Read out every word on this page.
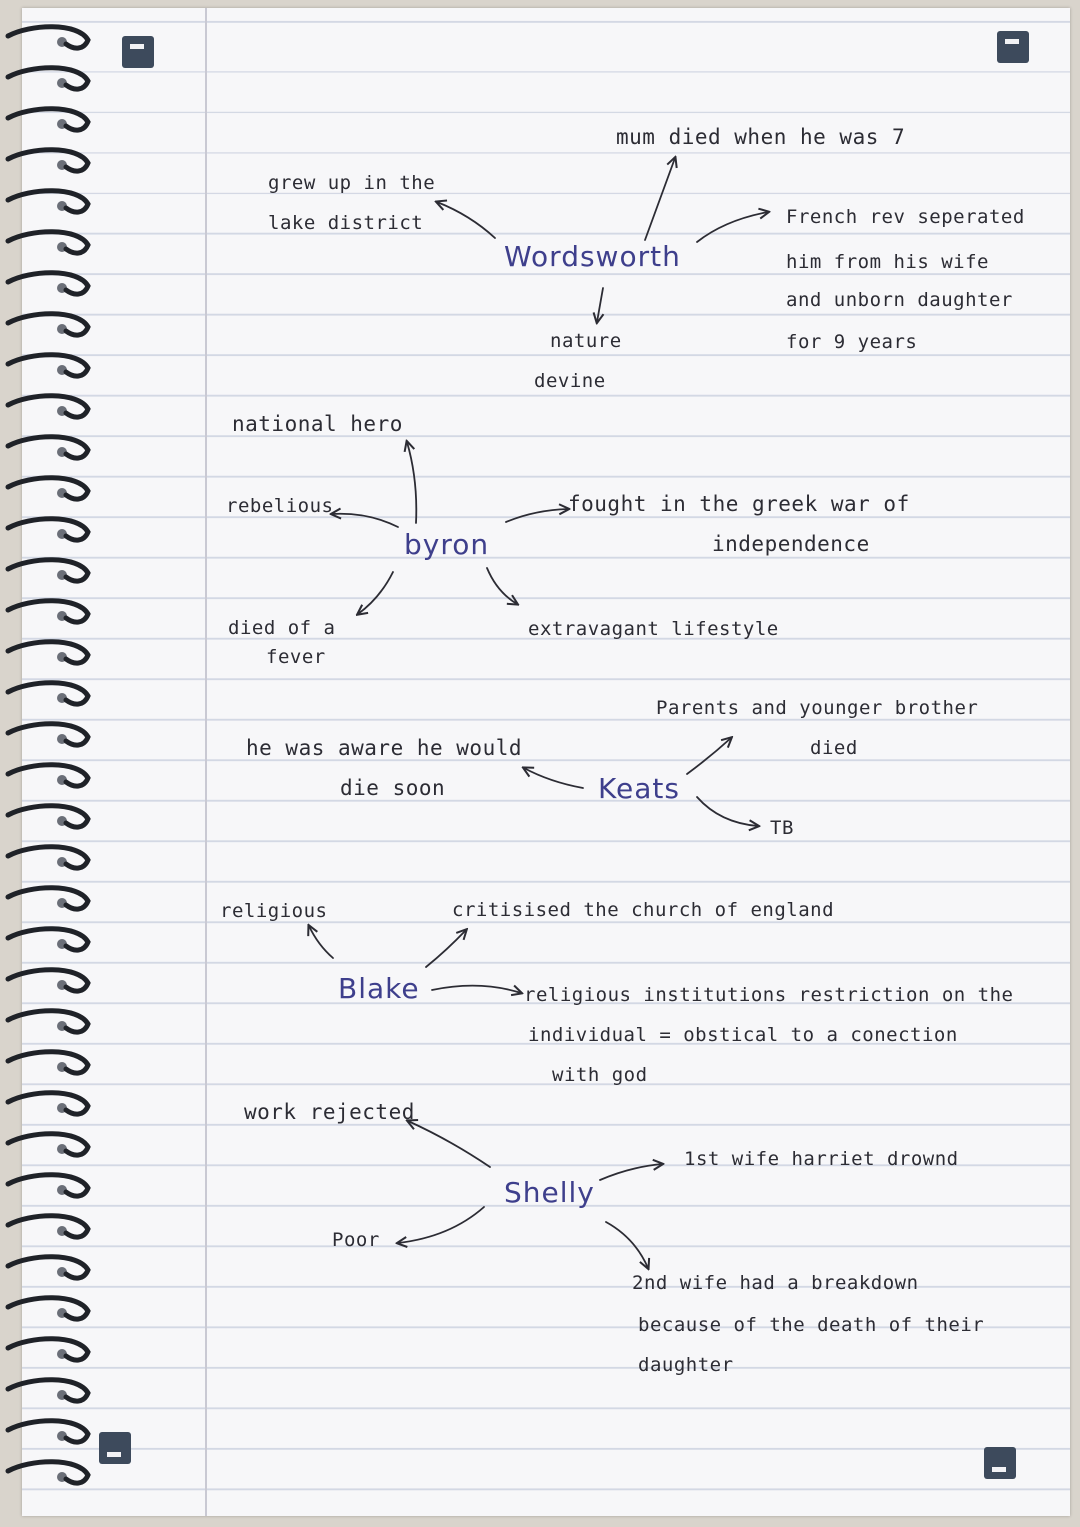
mum died when he was 7
grew up in the
lake district
Wordsworth
French rev seperated
him from his wife
and unborn daughter
for 9 years
nature
devine
national hero
rebelious
byron
fought in the greek war of
independence
died of a
fever
extravagant lifestyle
Parents and younger brother
died
he was aware he would
die soon	Keats
TB
religious	critisised the church of england
Blake	religious institutions restriction on the
individual = obstical to a conection
with god
work rejected
1st wife harriet drownd
Shelly
Poor
2nd wife had a breakdown
because of the death of their
daughter
